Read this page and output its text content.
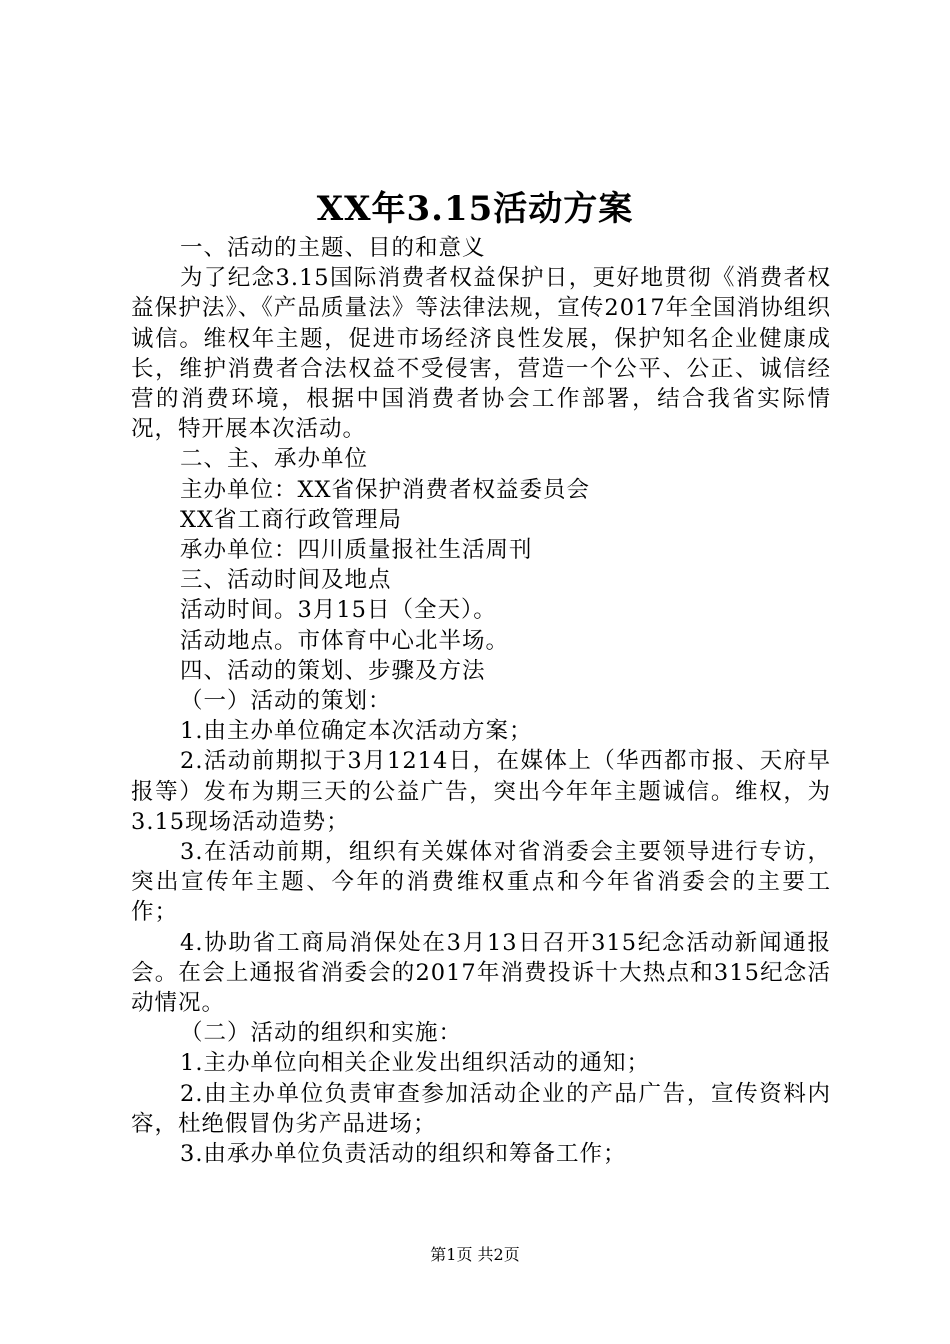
XX年3.15活动方案

一、活动的主题、目的和意义

为了纪念3.15国际消费者权益保护日，更好地贯彻《消费者权益保护法》、《产品质量法》等法律法规，宣传2017年全国消协组织诚信。维权年主题，促进市场经济良性发展，保护知名企业健康成长，维护消费者合法权益不受侵害，营造一个公平、公正、诚信经营的消费环境，根据中国消费者协会工作部署，结合我省实际情况，特开展本次活动。

二、主、承办单位

主办单位：XX省保护消费者权益委员会

XX省工商行政管理局

承办单位：四川质量报社生活周刊

三、活动时间及地点

活动时间。3月15日（全天）。

活动地点。市体育中心北半场。

四、活动的策划、步骤及方法

（一）活动的策划：

1.由主办单位确定本次活动方案；

2.活动前期拟于3月1214日，在媒体上（华西都市报、天府早报等）发布为期三天的公益广告，突出今年年主题诚信。维权，为3.15现场活动造势；

3.在活动前期，组织有关媒体对省消委会主要领导进行专访，突出宣传年主题、今年的消费维权重点和今年省消委会的主要工作；

4.协助省工商局消保处在3月13日召开315纪念活动新闻通报会。在会上通报省消委会的2017年消费投诉十大热点和315纪念活动情况。

（二）活动的组织和实施：

1.主办单位向相关企业发出组织活动的通知；

2.由主办单位负责审查参加活动企业的产品广告，宣传资料内容，杜绝假冒伪劣产品进场；

3.由承办单位负责活动的组织和筹备工作；

第1页 共2页
